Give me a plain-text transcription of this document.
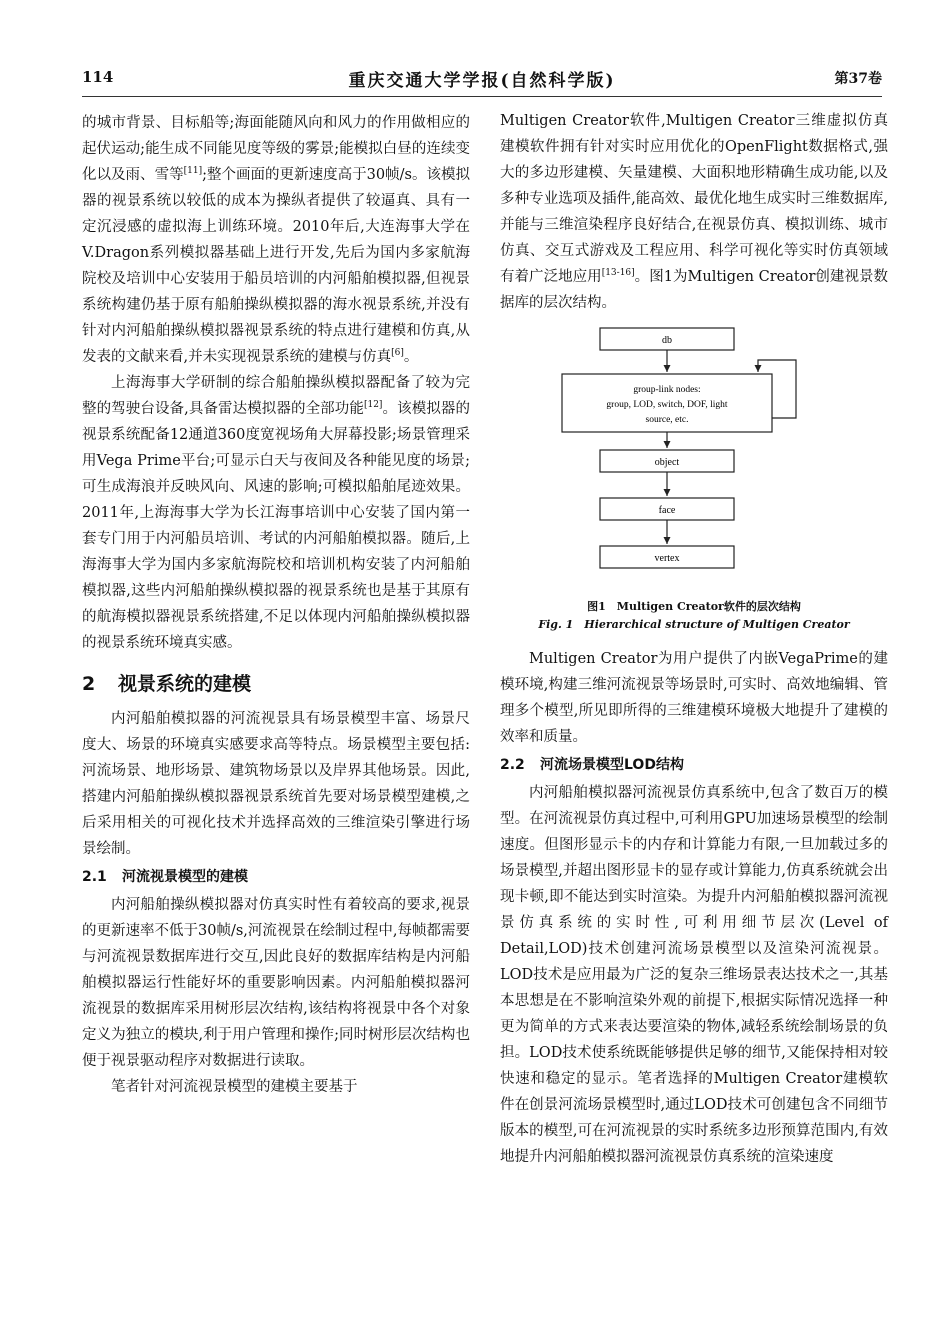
114	重庆交通大学学报(自然科学版)	第37卷

的城市背景、目标船等;海面能随风向和风力的作用做相应的起伏运动;能生成不同能见度等级的雾景;能模拟白昼的连续变化以及雨、雪等[11];整个画面的更新速度高于30帧/s。该模拟器的视景系统以较低的成本为操纵者提供了较逼真、具有一定沉浸感的虚拟海上训练环境。2010年后,大连海事大学在V.Dragon系列模拟器基础上进行开发,先后为国内多家航海院校及培训中心安装用于船员培训的内河船舶模拟器,但视景系统构建仍基于原有船舶操纵模拟器的海水视景系统,并没有针对内河船舶操纵模拟器视景系统的特点进行建模和仿真,从发表的文献来看,并未实现视景系统的建模与仿真[6]。

上海海事大学研制的综合船舶操纵模拟器配备了较为完整的驾驶台设备,具备雷达模拟器的全部功能[12]。该模拟器的视景系统配备12通道360度宽视场角大屏幕投影;场景管理采用Vega Prime平台;可显示白天与夜间及各种能见度的场景;可生成海浪并反映风向、风速的影响;可模拟船舶尾迹效果。2011年,上海海事大学为长江海事培训中心安装了国内第一套专门用于内河船员培训、考试的内河船舶模拟器。随后,上海海事大学为国内多家航海院校和培训机构安装了内河船舶模拟器,这些内河船舶操纵模拟器的视景系统也是基于其原有的航海模拟器视景系统搭建,不足以体现内河船舶操纵模拟器的视景系统环境真实感。

2 视景系统的建模

内河船舶模拟器的河流视景具有场景模型丰富、场景尺度大、场景的环境真实感要求高等特点。场景模型主要包括:河流场景、地形场景、建筑物场景以及岸界其他场景。因此,搭建内河船舶操纵模拟器视景系统首先要对场景模型建模,之后采用相关的可视化技术并选择高效的三维渲染引擎进行场景绘制。

2.1 河流视景模型的建模

内河船舶操纵模拟器对仿真实时性有着较高的要求,视景的更新速率不低于30帧/s,河流视景在绘制过程中,每帧都需要与河流视景数据库进行交互,因此良好的数据库结构是内河船舶模拟器运行性能好坏的重要影响因素。内河船舶模拟器河流视景的数据库采用树形层次结构,该结构将视景中各个对象定义为独立的模块,利于用户管理和操作;同时树形层次结构也便于视景驱动程序对数据进行读取。

笔者针对河流视景模型的建模主要基于

Multigen Creator软件,Multigen Creator三维虚拟仿真建模软件拥有针对实时应用优化的OpenFlight数据格式,强大的多边形建模、矢量建模、大面积地形精确生成功能,以及多种专业选项及插件,能高效、最优化地生成实时三维数据库,并能与三维渲染程序良好结合,在视景仿真、模拟训练、城市仿真、交互式游戏及工程应用、科学可视化等实时仿真领域有着广泛地应用[13-16]。图1为Multigen Creator创建视景数据库的层次结构。

db
group-link nodes:
group, LOD, switch, DOF, light
source, etc.
object
face
vertex
图1　Multigen Creator软件的层次结构
Fig. 1　Hierarchical structure of Multigen Creator

Multigen Creator为用户提供了内嵌VegaPrime的建模环境,构建三维河流视景等场景时,可实时、高效地编辑、管理多个模型,所见即所得的三维建模环境极大地提升了建模的效率和质量。

2.2 河流场景模型LOD结构

内河船舶模拟器河流视景仿真系统中,包含了数百万的模型。在河流视景仿真过程中,可利用GPU加速场景模型的绘制速度。但图形显示卡的内存和计算能力有限,一旦加载过多的场景模型,并超出图形显卡的显存或计算能力,仿真系统就会出现卡顿,即不能达到实时渲染。为提升内河船舶模拟器河流视景仿真系统的实时性,可利用细节层次(Level of Detail,LOD)技术创建河流场景模型以及渲染河流视景。LOD技术是应用最为广泛的复杂三维场景表达技术之一,其基本思想是在不影响渲染外观的前提下,根据实际情况选择一种更为简单的方式来表达要渲染的物体,减轻系统绘制场景的负担。LOD技术使系统既能够提供足够的细节,又能保持相对较快速和稳定的显示。笔者选择的Multigen Creator建模软件在创景河流场景模型时,通过LOD技术可创建包含不同细节版本的模型,可在河流视景的实时系统多边形预算范围内,有效地提升内河船舶模拟器河流视景仿真系统的渲染速度
